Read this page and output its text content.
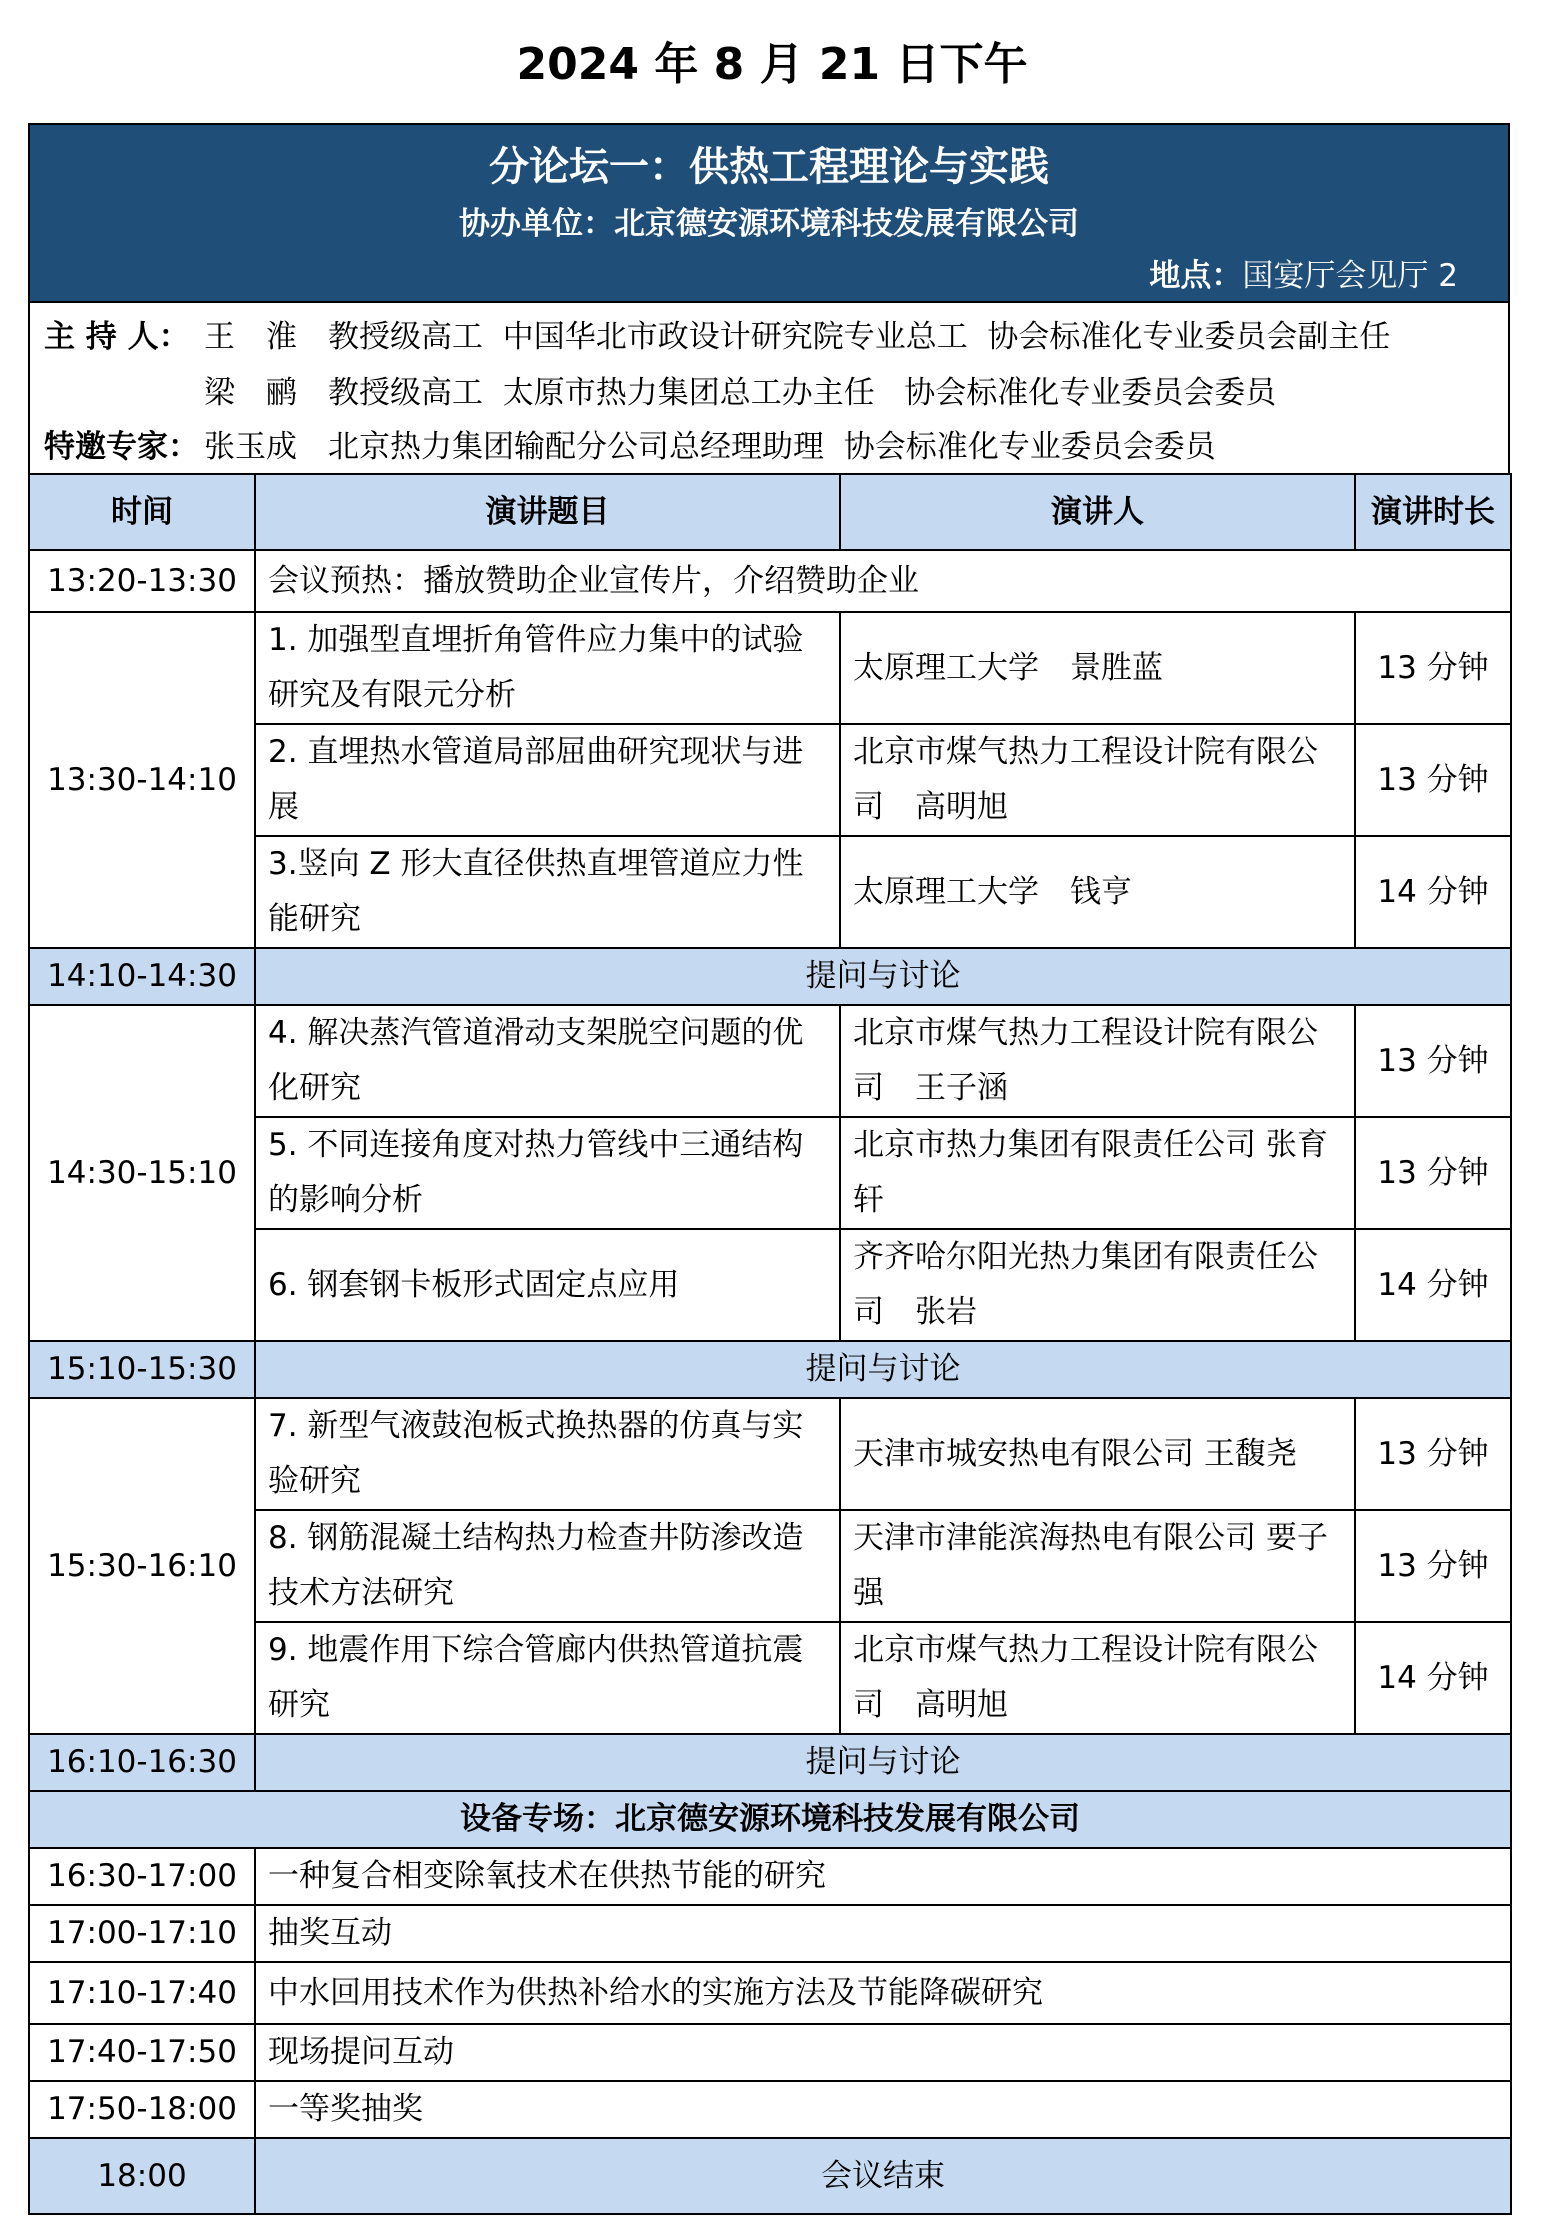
2024 年 8 月 21 日下午
分论坛一：供热工程理论与实践
协办单位：北京德安源环境科技发展有限公司
地点：国宴厅会见厅 2
主 持 人： 王　淮　教授级高工  中国华北市政设计研究院专业总工  协会标准化专业委员会副主任
梁　鹂　教授级高工  太原市热力集团总工办主任   协会标准化专业委员会委员
特邀专家： 张玉成　北京热力集团输配分公司总经理助理  协会标准化专业委员会委员
时间	演讲题目	演讲人	演讲时长
13:20-13:30	会议预热：播放赞助企业宣传片，介绍赞助企业		
13:30-14:10	1. 加强型直埋折角管件应力集中的试验研究及有限元分析	太原理工大学　景胜蓝	13 分钟
	2. 直埋热水管道局部屈曲研究现状与进展	北京市煤气热力工程设计院有限公司　高明旭	13 分钟
	3.竖向 Z 形大直径供热直埋管道应力性能研究	太原理工大学　钱亨	14 分钟
14:10-14:30	提问与讨论		
14:30-15:10	4. 解决蒸汽管道滑动支架脱空问题的优化研究	北京市煤气热力工程设计院有限公司　王子涵	13 分钟
	5. 不同连接角度对热力管线中三通结构的影响分析	北京市热力集团有限责任公司 张育轩	13 分钟
	6. 钢套钢卡板形式固定点应用	齐齐哈尔阳光热力集团有限责任公司　张岩	14 分钟
15:10-15:30	提问与讨论		
15:30-16:10	7. 新型气液鼓泡板式换热器的仿真与实验研究	天津市城安热电有限公司 王馥尧	13 分钟
	8. 钢筋混凝土结构热力检查井防渗改造技术方法研究	天津市津能滨海热电有限公司 要子强	13 分钟
	9. 地震作用下综合管廊内供热管道抗震研究	北京市煤气热力工程设计院有限公司　高明旭	14 分钟
16:10-16:30	提问与讨论		
设备专场：北京德安源环境科技发展有限公司			
16:30-17:00	一种复合相变除氧技术在供热节能的研究		
17:00-17:10	抽奖互动		
17:10-17:40	中水回用技术作为供热补给水的实施方法及节能降碳研究		
17:40-17:50	现场提问互动		
17:50-18:00	一等奖抽奖		
18:00	会议结束		
